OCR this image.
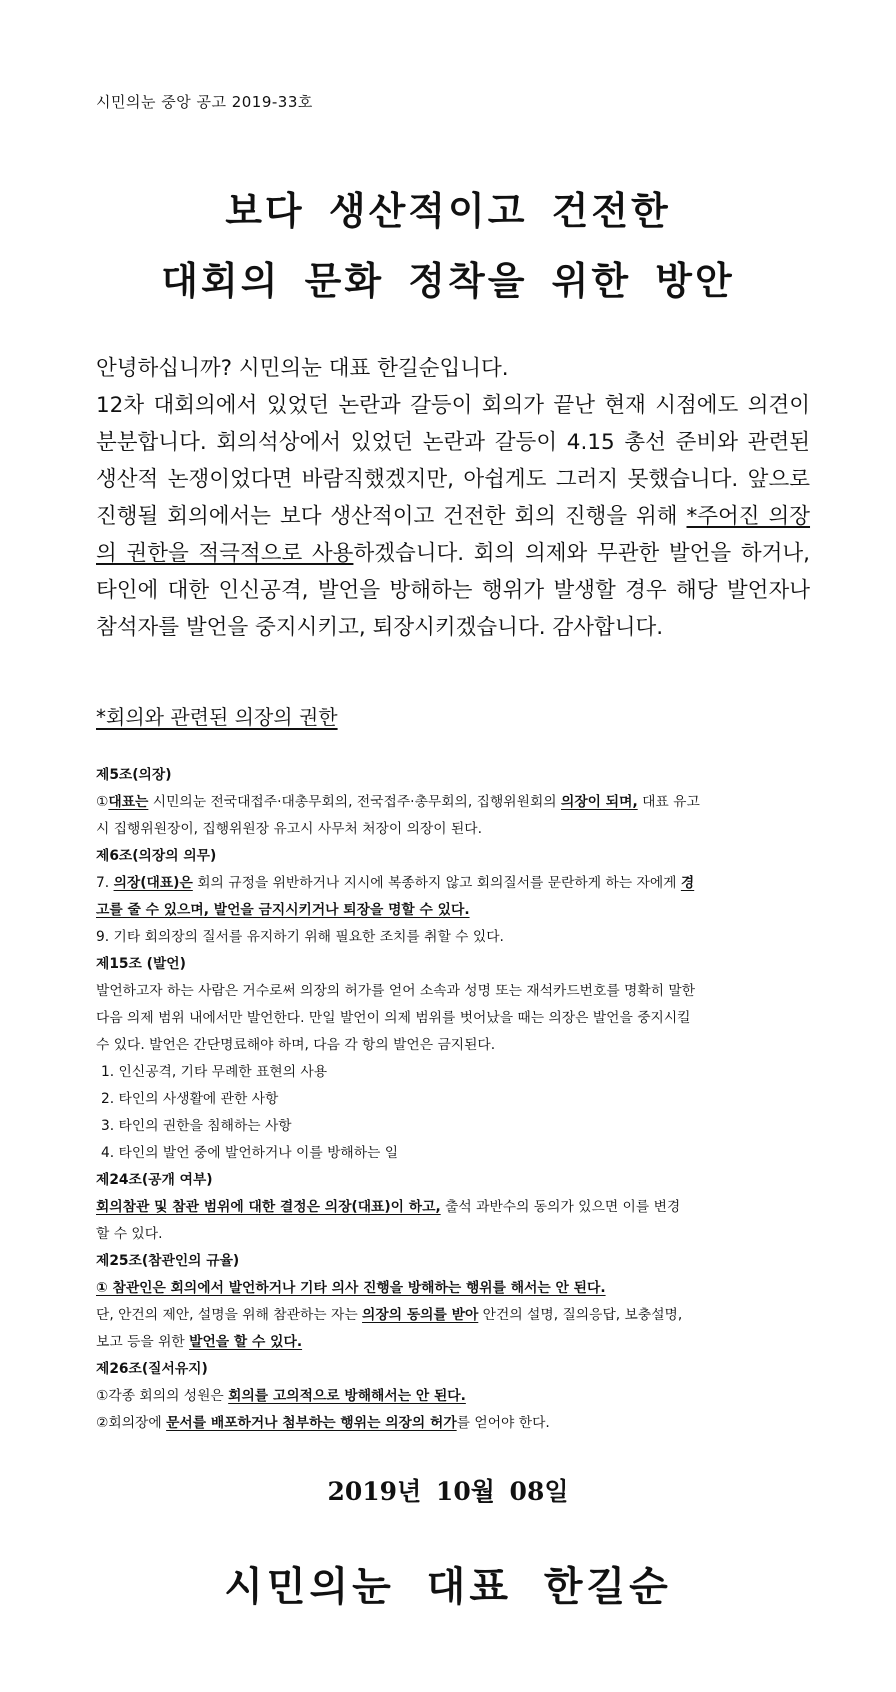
시민의눈 중앙 공고 2019-33호
보다 생산적이고 건전한
대회의 문화 정착을 위한 방안

안녕하십니까? 시민의눈 대표 한길순입니다.

12차 대회의에서 있었던 논란과 갈등이 회의가 끝난 현재 시점에도 의견이 분분합니다. 회의석상에서 있었던 논란과 갈등이 4.15 총선 준비와 관련된 생산적 논쟁이었다면 바람직했겠지만, 아쉽게도 그러지 못했습니다. 앞으로 진행될 회의에서는 보다 생산적이고 건전한 회의 진행을 위해 *주어진 의장의 권한을 적극적으로 사용하겠습니다. 회의 의제와 무관한 발언을 하거나, 타인에 대한 인신공격, 발언을 방해하는 행위가 발생할 경우 해당 발언자나 참석자를 발언을 중지시키고, 퇴장시키겠습니다. 감사합니다.

*회의와 관련된 의장의 권한
제5조(의장)
①대표는 시민의눈 전국대접주·대총무회의, 전국접주·총무회의, 집행위원회의 의장이 되며, 대표 유고
시 집행위원장이, 집행위원장 유고시 사무처 처장이 의장이 된다.
제6조(의장의 의무)
7. 의장(대표)은 회의 규정을 위반하거나 지시에 복종하지 않고 회의질서를 문란하게 하는 자에게 경
고를 줄 수 있으며, 발언을 금지시키거나 퇴장을 명할 수 있다.
9. 기타 회의장의 질서를 유지하기 위해 필요한 조치를 취할 수 있다.
제15조 (발언)
발언하고자 하는 사람은 거수로써 의장의 허가를 얻어 소속과 성명 또는 재석카드번호를 명확히 말한
다음 의제 범위 내에서만 발언한다. 만일 발언이 의제 범위를 벗어났을 때는 의장은 발언을 중지시킬
수 있다. 발언은 간단명료해야 하며, 다음 각 항의 발언은 금지된다.
1. 인신공격, 기타 무례한 표현의 사용
2. 타인의 사생활에 관한 사항
3. 타인의 권한을 침해하는 사항
4. 타인의 발언 중에 발언하거나 이를 방해하는 일
제24조(공개 여부)
회의참관 및 참관 범위에 대한 결정은 의장(대표)이 하고, 출석 과반수의 동의가 있으면 이를 변경
할 수 있다.
제25조(참관인의 규율)
① 참관인은 회의에서 발언하거나 기타 의사 진행을 방해하는 행위를 해서는 안 된다.
단, 안건의 제안, 설명을 위해 참관하는 자는 의장의 동의를 받아 안건의 설명, 질의응답, 보충설명,
보고 등을 위한 발언을 할 수 있다.
제26조(질서유지)
①각종 회의의 성원은 회의를 고의적으로 방해해서는 안 된다.
②회의장에 문서를 배포하거나 첨부하는 행위는 의장의 허가를 얻어야 한다.
2019년 10월 08일
시민의눈 대표 한길순
